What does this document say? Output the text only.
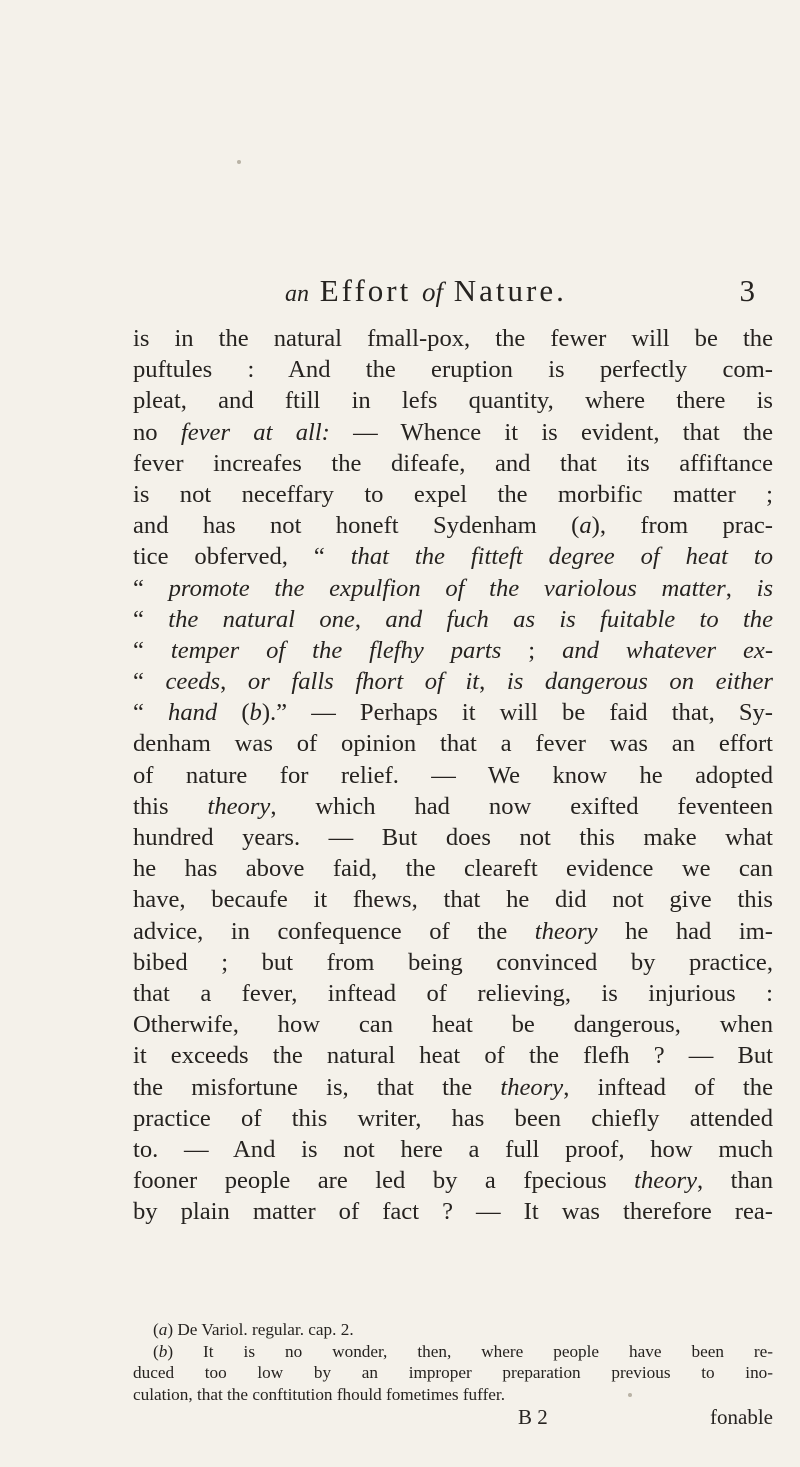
an Effort of Nature.	3
is in the natural fmall-pox, the fewer will be the
puftules : And the eruption is perfectly com-
pleat, and ftill in lefs quantity, where there is
no fever at all: — Whence it is evident, that the
fever increafes the difeafe, and that its affiftance
is not neceffary to expel the morbific matter ;
and has not honeft Sydenham (a), from prac-
tice obferved, “ that the fitteft degree of heat to
“ promote the expulfion of the variolous matter, is
“ the natural one, and fuch as is fuitable to the
“ temper of the flefhy parts ; and whatever ex-
“ ceeds, or falls fhort of it, is dangerous on either
“ hand (b).” — Perhaps it will be faid that, Sy-
denham was of opinion that a fever was an effort
of nature for relief. — We know he adopted
this theory, which had now exifted feventeen
hundred years. — But does not this make what
he has above faid, the cleareft evidence we can
have, becaufe it fhews, that he did not give this
advice, in confequence of the theory he had im-
bibed ; but from being convinced by practice,
that a fever, inftead of relieving, is injurious :
Otherwife, how can heat be dangerous, when
it exceeds the natural heat of the flefh ? — But
the misfortune is, that the theory, inftead of the
practice of this writer, has been chiefly attended
to. — And is not here a full proof, how much
fooner people are led by a fpecious theory, than
by plain matter of fact ? — It was therefore rea-
(a) De Variol. regular. cap. 2.
(b) It is no wonder, then, where people have been re-
duced too low by an improper preparation previous to ino-
culation, that the conftitution fhould fometimes fuffer.
B 2	fonable
